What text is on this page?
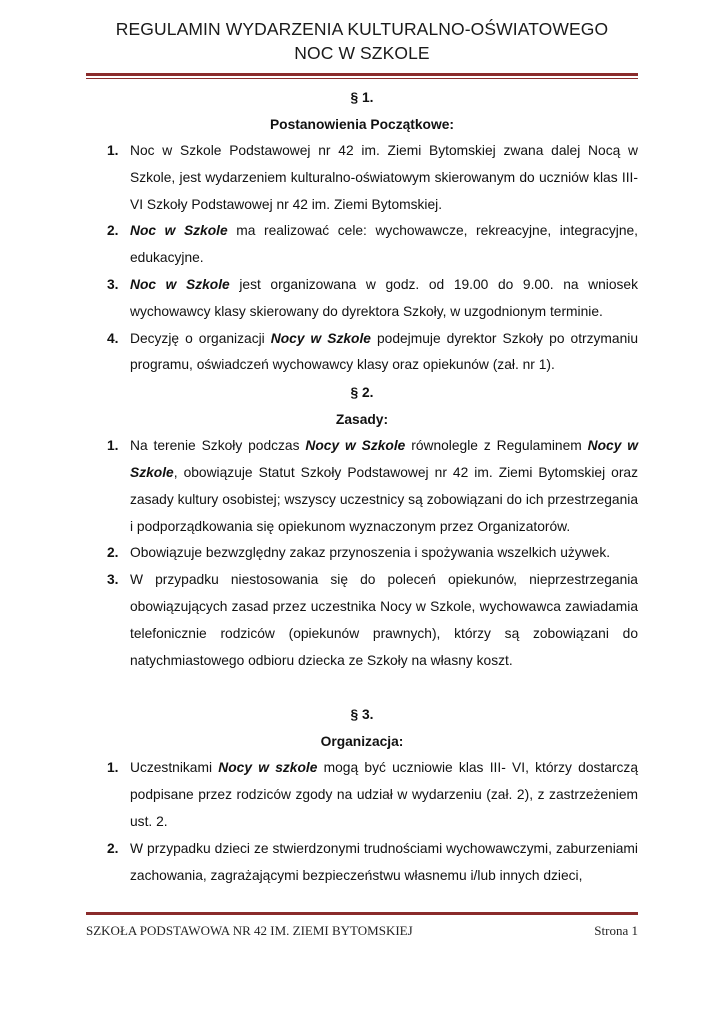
REGULAMIN WYDARZENIA KULTURALNO-OŚWIATOWEGO
NOC W SZKOLE
§ 1.
Postanowienia Początkowe:
1. Noc w Szkole Podstawowej nr 42 im. Ziemi Bytomskiej zwana dalej Nocą w Szkole, jest wydarzeniem kulturalno-oświatowym skierowanym do uczniów klas III-VI Szkoły Podstawowej nr 42 im. Ziemi Bytomskiej.
2. Noc w Szkole ma realizować cele: wychowawcze, rekreacyjne, integracyjne, edukacyjne.
3. Noc w Szkole jest organizowana w godz. od 19.00 do 9.00. na wniosek wychowawcy klasy skierowany do dyrektora Szkoły, w uzgodnionym terminie.
4. Decyzję o organizacji Nocy w Szkole podejmuje dyrektor Szkoły po otrzymaniu programu, oświadczeń wychowawcy klasy oraz opiekunów (zał. nr 1).
§ 2.
Zasady:
1. Na terenie Szkoły podczas Nocy w Szkole równolegle z Regulaminem Nocy w Szkole, obowiązuje Statut Szkoły Podstawowej nr 42 im. Ziemi Bytomskiej oraz zasady kultury osobistej; wszyscy uczestnicy są zobowiązani do ich przestrzegania i podporządkowania się opiekunom wyznaczonym przez Organizatorów.
2. Obowiązuje bezwzględny zakaz przynoszenia i spożywania wszelkich używek.
3. W przypadku niestosowania się do poleceń opiekunów, nieprzestrzegania obowiązujących zasad przez uczestnika Nocy w Szkole, wychowawca zawiadamia telefonicznie rodziców (opiekunów prawnych), którzy są zobowiązani do natychmiastowego odbioru dziecka ze Szkoły na własny koszt.
§ 3.
Organizacja:
1. Uczestnikami Nocy w szkole mogą być uczniowie klas III- VI, którzy dostarczą podpisane przez rodziców zgody na udział w wydarzeniu (zał. 2), z zastrzeżeniem ust. 2.
2. W przypadku dzieci ze stwierdzonymi trudnościami wychowawczymi, zaburzeniami zachowania, zagrażającymi bezpieczeństwu własnemu i/lub innych dzieci,
SZKOŁA PODSTAWOWA NR 42 IM. ZIEMI BYTOMSKIEJ	Strona 1
